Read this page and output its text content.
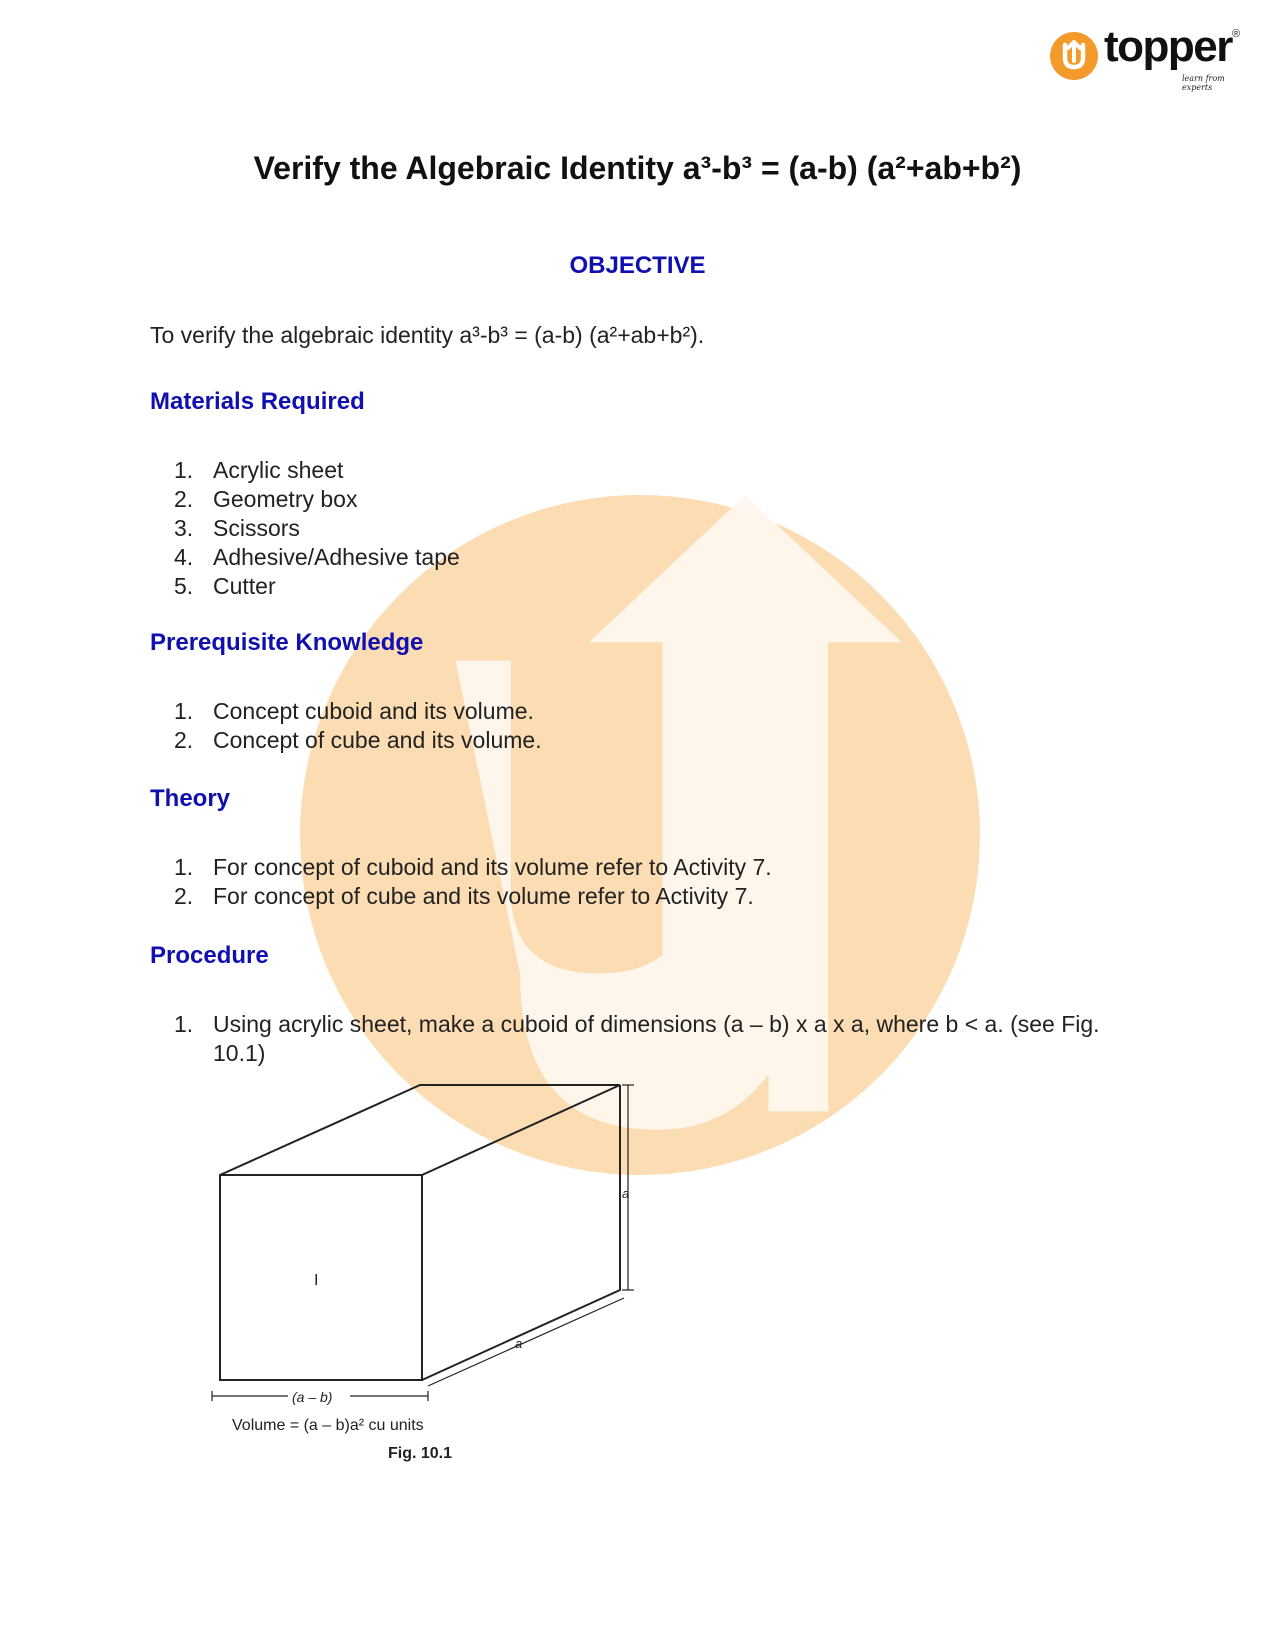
topper ®
learn from experts
Verify the Algebraic Identity a³-b³ = (a-b) (a²+ab+b²)
OBJECTIVE
To verify the algebraic identity a³-b³ = (a-b) (a²+ab+b²).
Materials Required
1. Acrylic sheet
2. Geometry box
3. Scissors
4. Adhesive/Adhesive tape
5. Cutter
Prerequisite Knowledge
1. Concept cuboid and its volume.
2. Concept of cube and its volume.
Theory
1. For concept of cuboid and its volume refer to Activity 7.
2. For concept of cube and its volume refer to Activity 7.
Procedure
1. Using acrylic sheet, make a cuboid of dimensions (a – b) x a x a, where b < a. (see Fig. 10.1)
I
a
a
(a – b)
Volume = (a – b)a² cu units
Fig. 10.1
